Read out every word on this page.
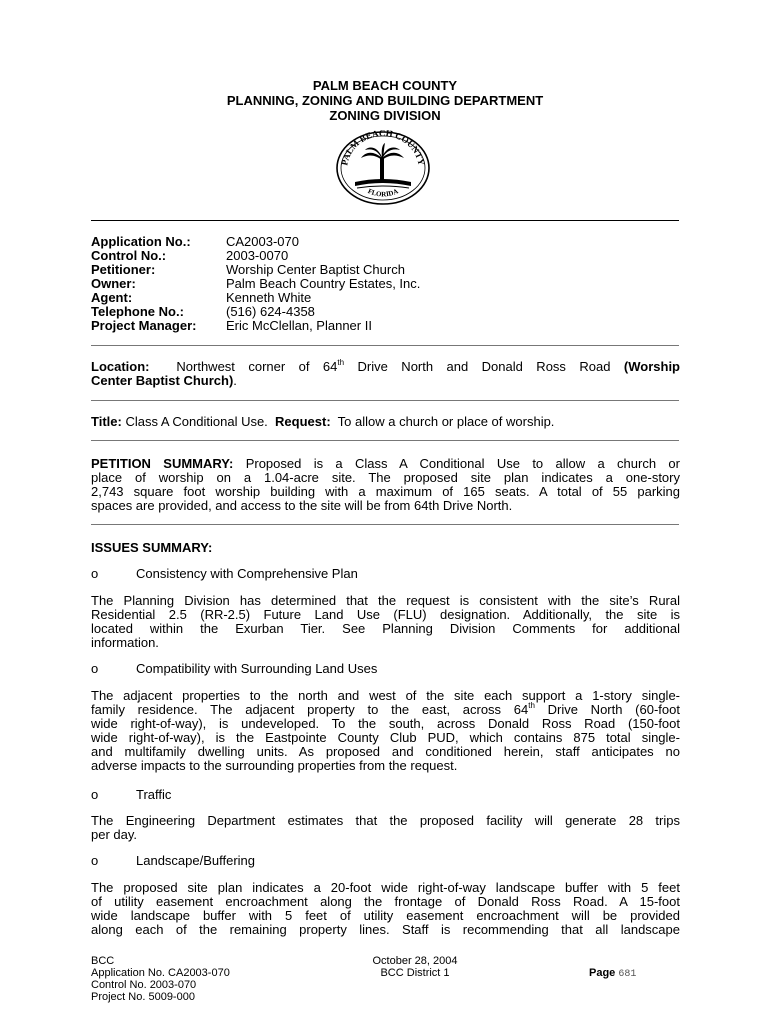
PALM BEACH COUNTY
PLANNING, ZONING AND BUILDING DEPARTMENT
ZONING DIVISION
PALM BEACH COUNTY
FLORIDA
Application No.:	CA2003-070
Control No.:	2003-0070
Petitioner:	Worship Center Baptist Church
Owner:	Palm Beach Country Estates, Inc.
Agent:	Kenneth White
Telephone No.:	(516) 624-4358
Project Manager:	Eric McClellan, Planner II
Location: Northwest corner of 64th Drive North and Donald Ross Road (Worship
Center Baptist Church).
Title: Class A Conditional Use.  Request:  To allow a church or place of worship.
PETITION SUMMARY: Proposed is a Class A Conditional Use to allow a church or
place of worship on a 1.04-acre site. The proposed site plan indicates a one-story
2,743 square foot worship building with a maximum of 165 seats. A total of 55 parking
spaces are provided, and access to the site will be from 64th Drive North.
ISSUES SUMMARY:
o	Consistency with Comprehensive Plan
The Planning Division has determined that the request is consistent with the site’s Rural
Residential 2.5 (RR-2.5) Future Land Use (FLU) designation. Additionally, the site is
located within the Exurban Tier. See Planning Division Comments for additional
information.
o	Compatibility with Surrounding Land Uses
The adjacent properties to the north and west of the site each support a 1-story single-
family residence. The adjacent property to the east, across 64th Drive North (60-foot
wide right-of-way), is undeveloped. To the south, across Donald Ross Road (150-foot
wide right-of-way), is the Eastpointe County Club PUD, which contains 875 total single-
and multifamily dwelling units. As proposed and conditioned herein, staff anticipates no
adverse impacts to the surrounding properties from the request.
o	Traffic
The Engineering Department estimates that the proposed facility will generate 28 trips
per day.
o	Landscape/Buffering
The proposed site plan indicates a 20-foot wide right-of-way landscape buffer with 5 feet
of utility easement encroachment along the frontage of Donald Ross Road. A 15-foot
wide landscape buffer with 5 feet of utility easement encroachment will be provided
along each of the remaining property lines. Staff is recommending that all landscape
BCC
Application No. CA2003-070
Control No. 2003-070
Project No. 5009-000
October 28, 2004
BCC District 1	Page 681
